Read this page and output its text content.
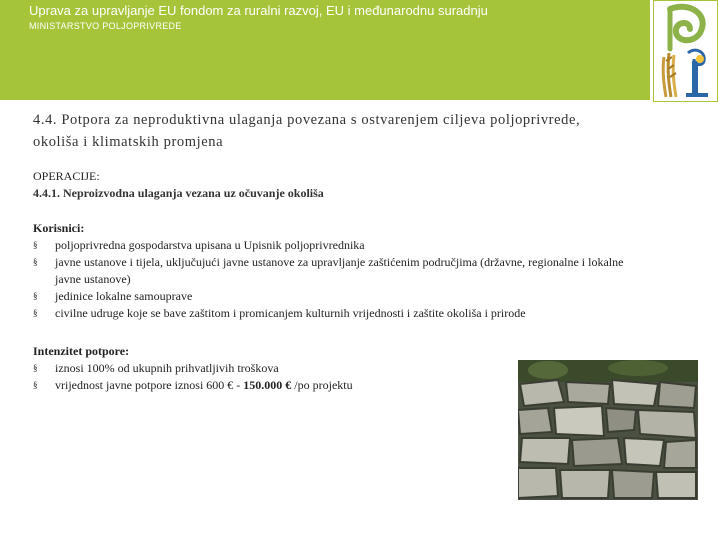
Uprava za upravljanje EU fondom za ruralni razvoj, EU i međunarodnu suradnju
MINISTARSTVO POLJOPRIVREDE
4.4. Potpora za neproduktivna ulaganja povezana s ostvarenjem ciljeva poljoprivrede,
okoliša i klimatskih promjena
OPERACIJE:
4.4.1. Neproizvodna ulaganja vezana uz očuvanje okoliša
Korisnici:
§	poljoprivredna gospodarstva upisana u Upisnik poljoprivrednika
§	javne ustanove i tijela, uključujući javne ustanove za upravljanje zaštićenim područjima (državne, regionalne i lokalne javne ustanove)
§	jedinice lokalne samouprave
§	civilne udruge koje se bave zaštitom i promicanjem kulturnih vrijednosti i zaštite okoliša i prirode
Intenzitet potpore:
§	iznosi 100% od ukupnih prihvatljivih troškova
§	vrijednost javne potpore iznosi 600 € - 150.000 € /po projektu
